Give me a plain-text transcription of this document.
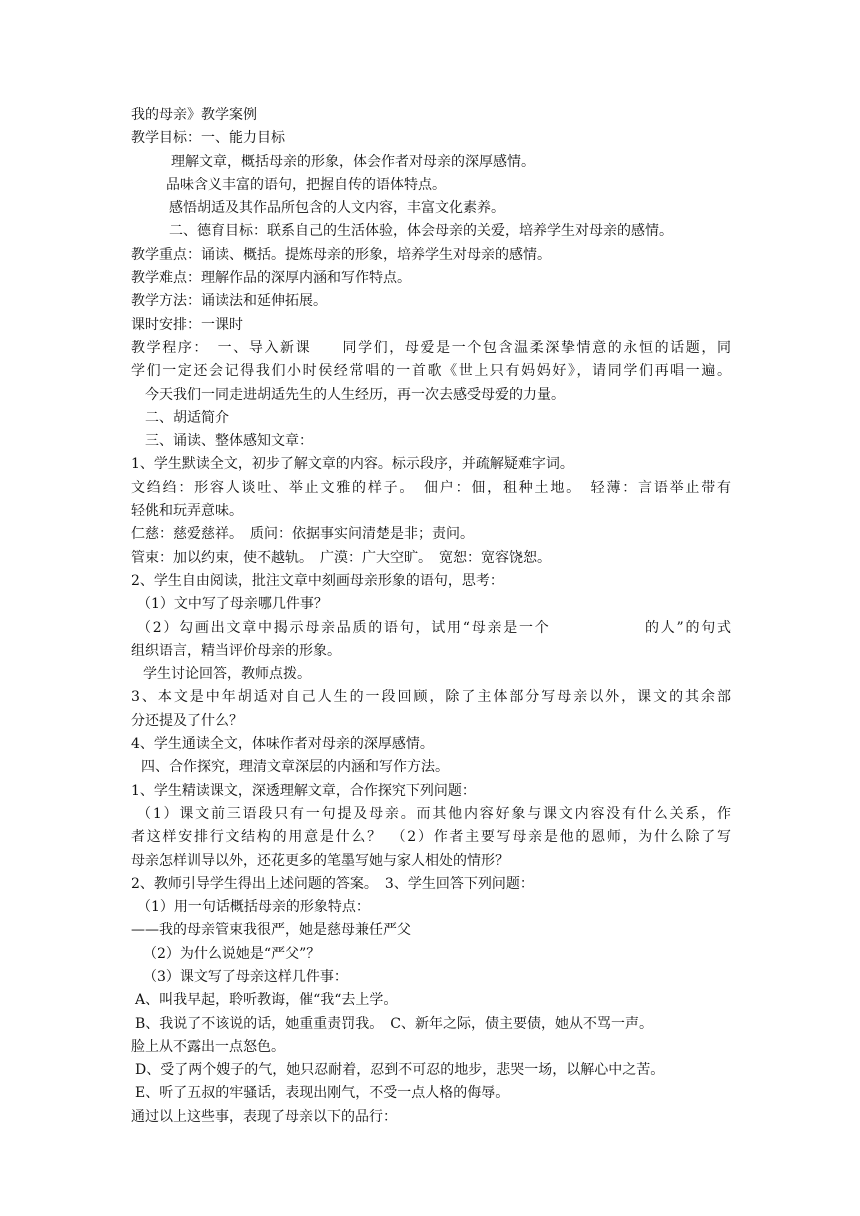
我的母亲》教学案例
教学目标：一、能力目标
理解文章，概括母亲的形象，体会作者对母亲的深厚感情。
品味含义丰富的语句，把握自传的语体特点。
感悟胡适及其作品所包含的人文内容，丰富文化素养。
二、德育目标：联系自己的生活体验，体会母亲的关爱，培养学生对母亲的感情。
教学重点：诵读、概括。提炼母亲的形象，培养学生对母亲的感情。
教学难点：理解作品的深厚内涵和写作特点。
教学方法：诵读法和延伸拓展。
课时安排：一课时
教学程序：　一、导入新课　　同学们，母爱是一个包含温柔深挚情意的永恒的话题，同
学们一定还会记得我们小时侯经常唱的一首歌《世上只有妈妈好》，请同学们再唱一遍。
今天我们一同走进胡适先生的人生经历，再一次去感受母爱的力量。
二、胡适简介
三、诵读、整体感知文章：
1、学生默读全文，初步了解文章的内容。标示段序，并疏解疑难字词。
文绉绉：形容人谈吐、举止文雅的样子。　佃户：佃，租种土地。　轻薄：言语举止带有
轻佻和玩弄意味。
仁慈：慈爱慈祥。　质问：依据事实问清楚是非；责问。
管束：加以约束，使不越轨。　广漠：广大空旷。　宽恕：宽容饶恕。
2、学生自由阅读，批注文章中刻画母亲形象的语句，思考：
（1）文中写了母亲哪几件事？
（2）勾画出文章中揭示母亲品质的语句，试用“母亲是一个　　　　　　的人”的句式
组织语言，精当评价母亲的形象。
学生讨论回答，教师点拨。
3、本文是中年胡适对自己人生的一段回顾，除了主体部分写母亲以外，课文的其余部
分还提及了什么？
4、学生通读全文，体味作者对母亲的深厚感情。
四、合作探究，理清文章深层的内涵和写作方法。
1、学生精读课文，深透理解文章，合作探究下列问题：
（1）课文前三语段只有一句提及母亲。而其他内容好象与课文内容没有什么关系，作
者这样安排行文结构的用意是什么？　（2）作者主要写母亲是他的恩师，为什么除了写
母亲怎样训导以外，还花更多的笔墨写她与家人相处的情形？
2、教师引导学生得出上述问题的答案。　3、学生回答下列问题：
（1）用一句话概括母亲的形象特点：
——我的母亲管束我很严，她是慈母兼任严父
（2）为什么说她是“严父”？
（3）课文写了母亲这样几件事：
A、叫我早起，聆听教诲，催“我“去上学。
B、我说了不该说的话，她重重责罚我。　C、新年之际，债主要债，她从不骂一声。
脸上从不露出一点怒色。
D、受了两个嫂子的气，她只忍耐着，忍到不可忍的地步，悲哭一场，以解心中之苦。
E、听了五叔的牢骚话，表现出刚气，不受一点人格的侮辱。
通过以上这些事，表现了母亲以下的品行：
